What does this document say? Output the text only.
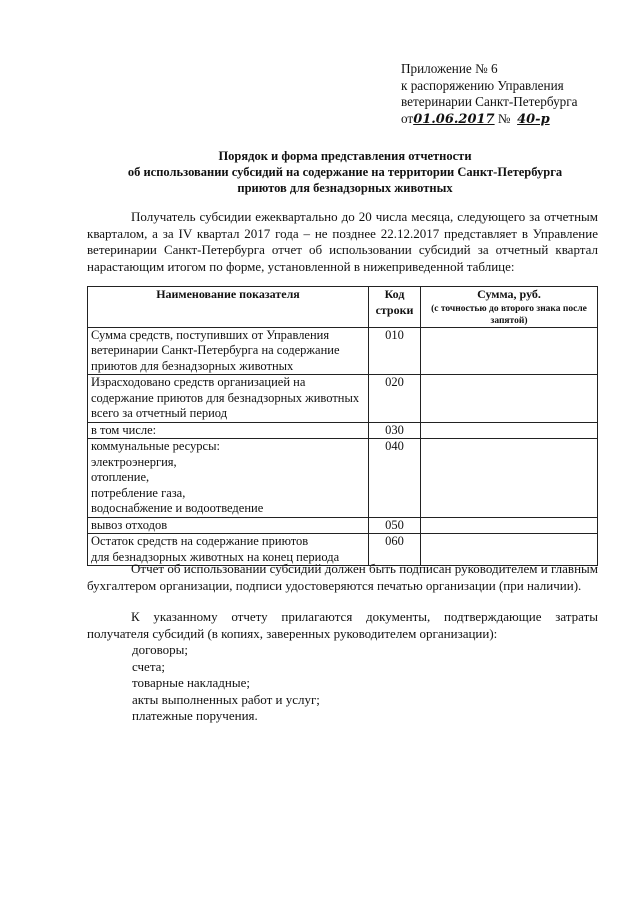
Приложение № 6
к распоряжению Управления
ветеринарии Санкт-Петербурга
от01.06.2017 № 40-р
Порядок и форма представления отчетности
об использовании субсидий на содержание на территории Санкт-Петербурга
приютов для безнадзорных животных
Получатель субсидии ежеквартально до 20 числа месяца, следующего за отчетным кварталом, а за IV квартал 2017 года – не позднее 22.12.2017 представляет в Управление ветеринарии Санкт-Петербурга отчет об использовании субсидий за отчетный квартал нарастающим итогом по форме, установленной в нижеприведенной таблице:
Наименование показателя	Код строки	Сумма, руб.
(с точностью до второго знака после запятой)

Сумма средств, поступивших от Управления ветеринарии Санкт-Петербурга на содержание приютов для безнадзорных животных	010	
Израсходовано средств организацией на содержание приютов для безнадзорных животных всего за отчетный период	020	
в том числе:	030	
коммунальные ресурсы:
электроэнергия,
отопление,
потребление газа,
водоснабжение и водоотведение	040	
вывоз отходов	050	
Остаток средств на содержание приютов
для безнадзорных животных на конец периода	060	
Отчет об использовании субсидий должен быть подписан руководителем и главным бухгалтером организации, подписи удостоверяются печатью организации (при наличии).
К указанному отчету прилагаются документы, подтверждающие затраты получателя субсидий (в копиях, заверенных руководителем организации):
договоры;
счета;
товарные накладные;
акты выполненных работ и услуг;
платежные поручения.
